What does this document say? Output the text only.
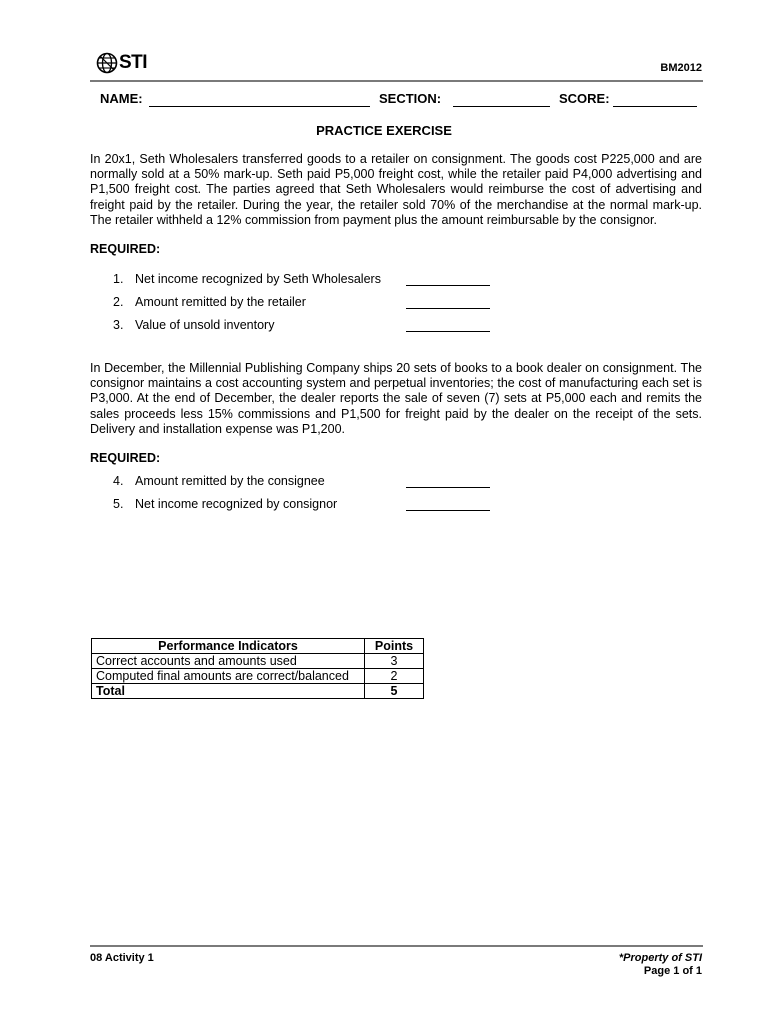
STI	BM2012
NAME:	SECTION:	SCORE:
PRACTICE EXERCISE
In 20x1, Seth Wholesalers transferred goods to a retailer on consignment. The goods cost P225,000 and are normally sold at a 50% mark-up. Seth paid P5,000 freight cost, while the retailer paid P4,000 advertising and P1,500 freight cost. The parties agreed that Seth Wholesalers would reimburse the cost of advertising and freight paid by the retailer. During the year, the retailer sold 70% of the merchandise at the normal mark-up. The retailer withheld a 12% commission from payment plus the amount reimbursable by the consignor.
REQUIRED:
1. Net income recognized by Seth Wholesalers
2. Amount remitted by the retailer
3. Value of unsold inventory
In December, the Millennial Publishing Company ships 20 sets of books to a book dealer on consignment. The consignor maintains a cost accounting system and perpetual inventories; the cost of manufacturing each set is P3,000. At the end of December, the dealer reports the sale of seven (7) sets at P5,000 each and remits the sales proceeds less 15% commissions and P1,500 for freight paid by the dealer on the receipt of the sets. Delivery and installation expense was P1,200.
REQUIRED:
4. Amount remitted by the consignee
5. Net income recognized by consignor
Performance Indicators	Points
Correct accounts and amounts used	3
Computed final amounts are correct/balanced	2
Total	5
08 Activity 1	*Property of STI
Page 1 of 1
